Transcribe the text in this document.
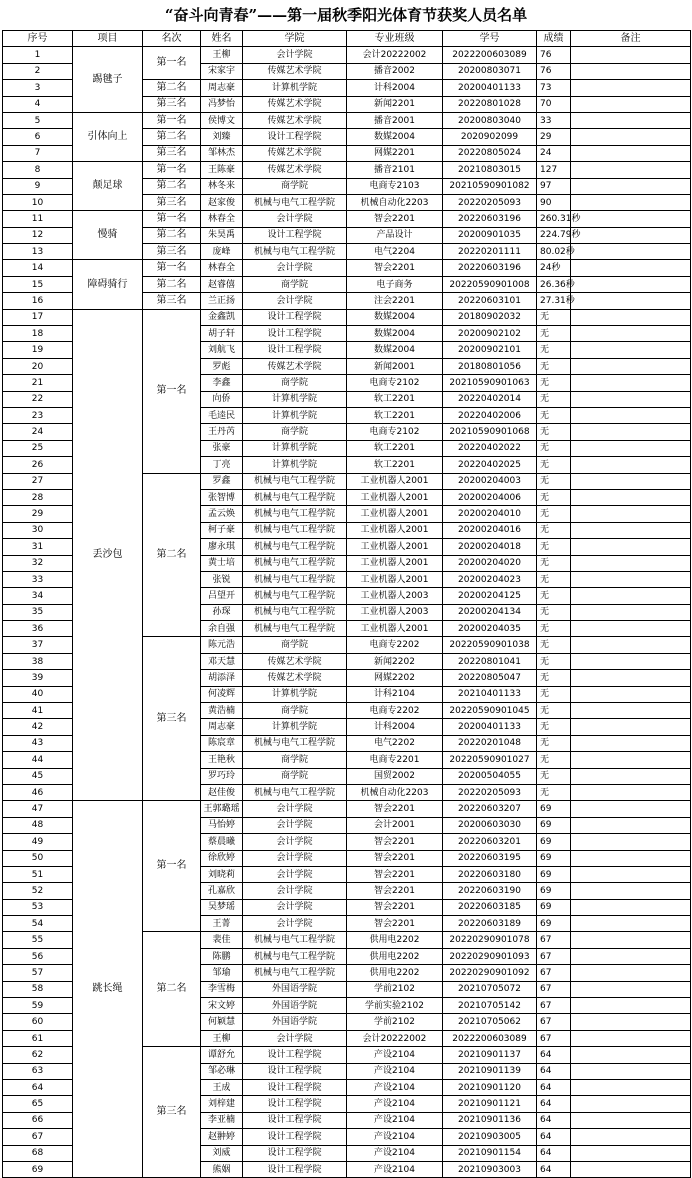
“奋斗向青春”——第一届秋季阳光体育节获奖人员名单
序号	项目	名次	姓名	学院	专业班级	学号	成绩	备注
1	踢毽子	第一名	王柳	会计学院	会计20222002	20222006030​89	76	
2			宋家宇	传媒艺术学院	播音2002	20200803071	76	
3		第二名	周志豪	计算机学院	计科2004	20200401133	73	
4		第三名	冯梦怡	传媒艺术学院	新闻2201	20220801028	70	
5	引体向上	第一名	侯博文	传媒艺术学院	播音2001	20200803040	33	
6		第二名	刘臻	设计工程学院	数媒2004	2020902099	29	
7		第三名	邹林杰	传媒艺术学院	网媒2201	20220805024	24	
8	颠足球	第一名	王陈豪	传媒艺术学院	播音2101	20210803015	127	
9		第二名	林冬来	商学院	电商专2103	202105909010​82	97	
10		第三名	赵家俊	机械与电气工程学院	机械自动化2203	20220205093	90	
11	慢骑	第一名	林春全	会计学院	智会2201	20220603196	260.31秒	
12		第二名	朱昊禹	设计工程学院	产品设计	20200901035	224.79秒	
13		第三名	庞峰	机械与电气工程学院	电气2204	20220201111	80.02秒	
14	障碍骑行	第一名	林春全	会计学院	智会2201	20220603196	24秒	
15		第二名	赵睿僖	商学院	电子商务	202205909010​08	26.36秒	
16		第三名	兰正扬	会计学院	注会2201	20220603101	27.31秒	
17	丢沙包	第一名	金鑫凯	设计工程学院	数媒2004	20180902032	无	
18			胡子轩	设计工程学院	数媒2004	20200902102	无	
19			刘航飞	设计工程学院	数媒2004	20200902101	无	
20			罗彪	传媒艺术学院	新闻2001	20180801056	无	
21			李鑫	商学院	电商专2102	202105909010​63	无	
22			向侨	计算机学院	软工2201	20220402014	无	
23			毛逵民	计算机学院	软工2201	20220402006	无	
24			王丹芮	商学院	电商专2102	202105909010​68	无	
25			张豪	计算机学院	软工2201	20220402022	无	
26			丁亮	计算机学院	软工2201	20220402025	无	
27		第二名	罗鑫	机械与电气工程学院	工业机器人2001	20200204003	无	
28			张智博	机械与电气工程学院	工业机器人2001	20200204006	无	
29			孟云焕	机械与电气工程学院	工业机器人2001	20200204010	无	
30			柯子豪	机械与电气工程学院	工业机器人2001	20200204016	无	
31			廖永琪	机械与电气工程学院	工业机器人2001	20200204018	无	
32			黄士培	机械与电气工程学院	工业机器人2001	20200204020	无	
33			张锐	机械与电气工程学院	工业机器人2001	20200204023	无	
34			吕望开	机械与电气工程学院	工业机器人2003	20200204125	无	
35			孙琛	机械与电气工程学院	工业机器人2003	20200204134	无	
36			余自强	机械与电气工程学院	工业机器人2001	20200204035	无	
37		第三名	陈元浩	商学院	电商专2202	202205909010​38	无	
38			邓天慧	传媒艺术学院	新闻2202	20220801041	无	
39			胡添泽	传媒艺术学院	网媒2202	20220805047	无	
40			何凌辉	计算机学院	计科2104	20210401133	无	
41			黄浩楠	商学院	电商专2202	202205909010​45	无	
42			周志豪	计算机学院	计科2004	20200401133	无	
43			陈宸章	机械与电气工程学院	电气2202	20220201048	无	
44			王艳秋	商学院	电商专2201	202205909010​27	无	
45			罗巧玲	商学院	国贸2002	20200504055	无	
46			赵佳俊	机械与电气工程学院	机械自动化2203	20220205093	无	
47	跳长绳	第一名	王郭璐瑶	会计学院	智会2201	20220603207	69	
48			马怡婷	会计学院	会计2001	20200603030	69	
49			蔡晨曦	会计学院	智会2201	20220603201	69	
50			徐欣婷	会计学院	智会2201	20220603195	69	
51			刘晓莉	会计学院	智会2201	20220603180	69	
52			孔嘉欣	会计学院	智会2201	20220603190	69	
53			吴梦瑶	会计学院	智会2201	20220603185	69	
54			王菁	会计学院	智会2201	20220603189	69	
55		第二名	裴佳	机械与电气工程学院	供用电2202	202202909010​78	67	
56			陈鹏	机械与电气工程学院	供用电2202	202202909010​93	67	
57			邹瑜	机械与电气工程学院	供用电2202	202202909010​92	67	
58			李雪梅	外国语学院	学前2102	20210705072	67	
59			宋文婷	外国语学院	学前实验2102	20210705142	67	
60			何颖慧	外国语学院	学前2102	20210705062	67	
61			王柳	会计学院	会计20222002	20222006030​89	67	
62		第三名	谭舒允	设计工程学院	产设2104	20210901137	64	
63			邹必琳	设计工程学院	产设2104	20210901139	64	
64			王成	设计工程学院	产设2104	20210901120	64	
65			刘梓建	设计工程学院	产设2104	20210901121	64	
66			李亚楠	设计工程学院	产设2104	20210901136	64	
67			赵翀婷	设计工程学院	产设2104	20210903005	64	
68			刘威	设计工程学院	产设2104	20210901154	64	
69			熊姻	设计工程学院	产设2104	20210903003	64	
